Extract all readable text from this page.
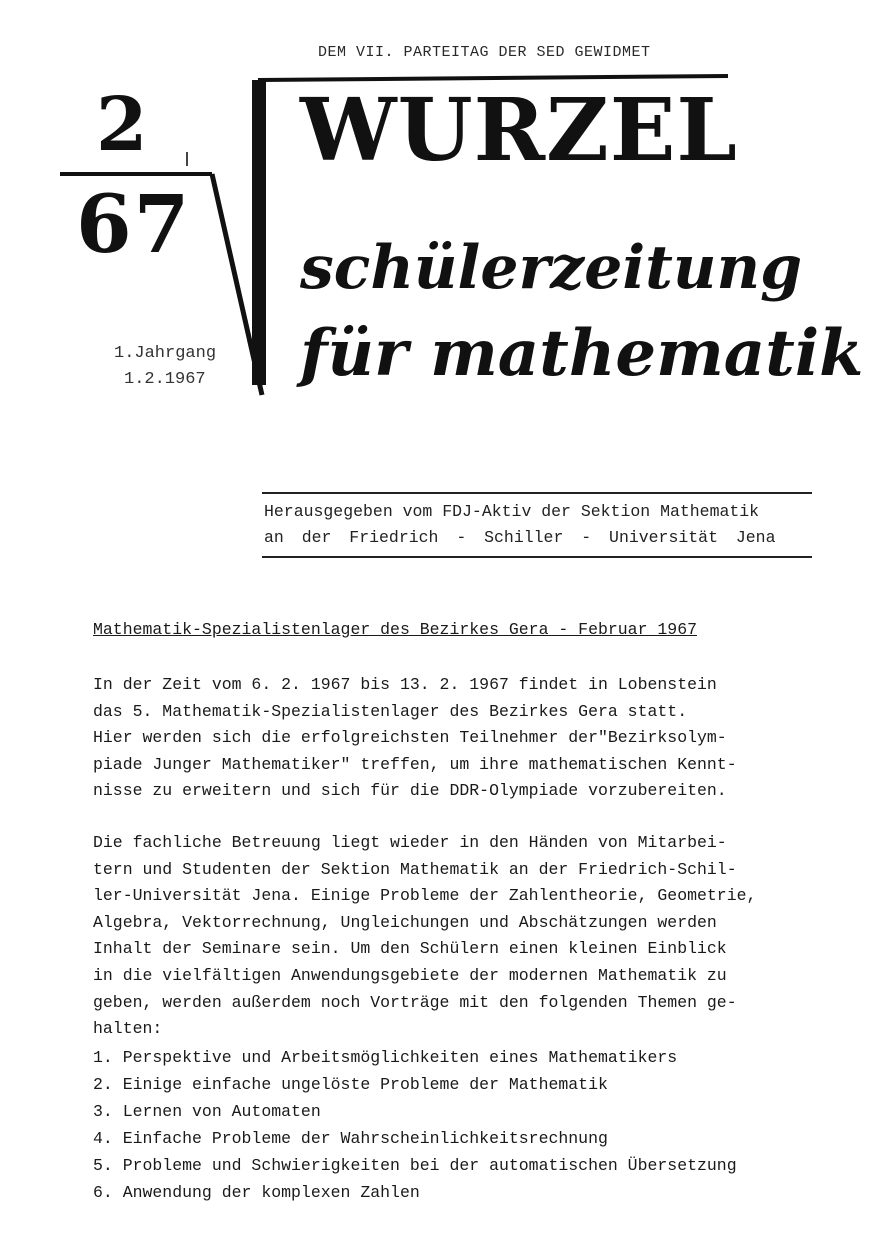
DEM VII. PARTEITAG DER SED GEWIDMET
2
67
WURZEL
schülerzeitung
für mathematik
1.Jahrgang
1.2.1967
Herausgegeben vom FDJ-Aktiv der Sektion Mathematik
an der Friedrich - Schiller - Universität Jena
Mathematik-Spezialistenlager des Bezirkes Gera - Februar 1967
In der Zeit vom 6. 2. 1967 bis 13. 2. 1967 findet in Lobenstein
das 5. Mathematik-Spezialistenlager des Bezirkes Gera statt.
Hier werden sich die erfolgreichsten Teilnehmer der"Bezirksolym-
piade Junger Mathematiker" treffen, um ihre mathematischen Kennt-
nisse zu erweitern und sich für die DDR-Olympiade vorzubereiten.
Die fachliche Betreuung liegt wieder in den Händen von Mitarbei-
tern und Studenten der Sektion Mathematik an der Friedrich-Schil-
ler-Universität Jena. Einige Probleme der Zahlentheorie, Geometrie,
Algebra, Vektorrechnung, Ungleichungen und Abschätzungen werden
Inhalt der Seminare sein. Um den Schülern einen kleinen Einblick
in die vielfältigen Anwendungsgebiete der modernen Mathematik zu
geben, werden außerdem noch Vorträge mit den folgenden Themen ge-
halten:
1. Perspektive und Arbeitsmöglichkeiten eines Mathematikers
2. Einige einfache ungelöste Probleme der Mathematik
3. Lernen von Automaten
4. Einfache Probleme der Wahrscheinlichkeitsrechnung
5. Probleme und Schwierigkeiten bei der automatischen Übersetzung
6. Anwendung der komplexen Zahlen
